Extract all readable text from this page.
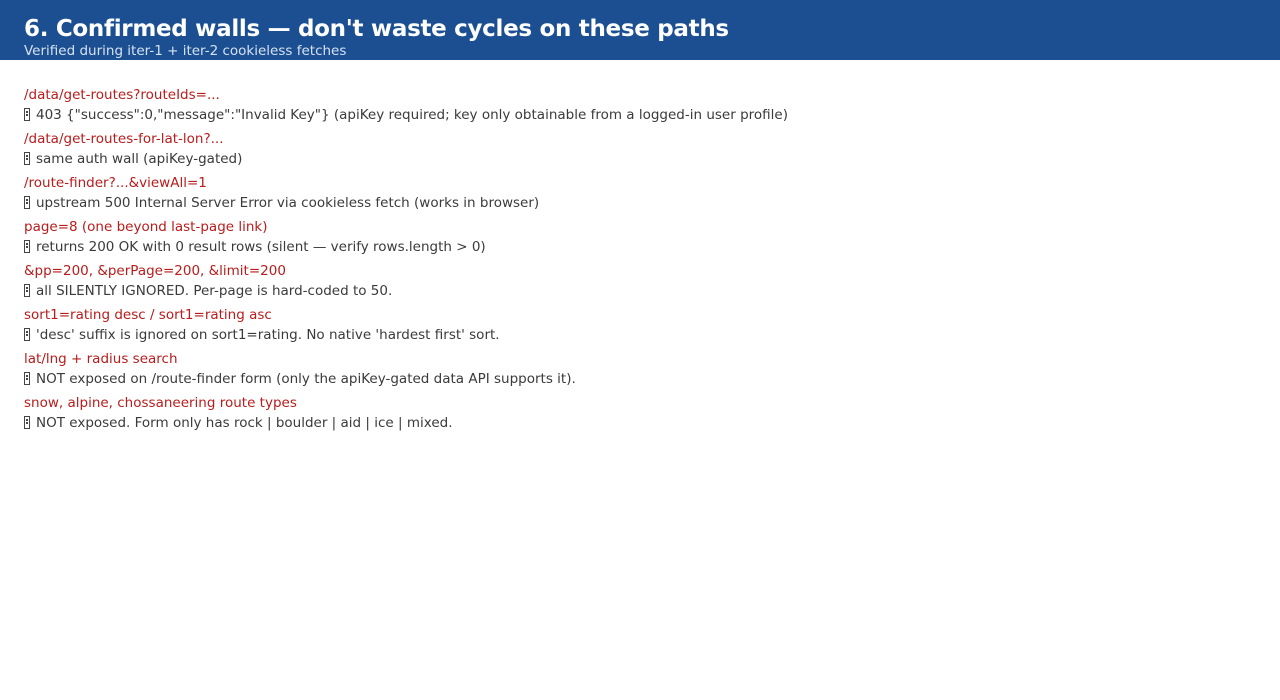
6. Confirmed walls — don't waste cycles on these paths
Verified during iter-1 + iter-2 cookieless fetches
/data/get-routes?routeIds=...
403 {"success":0,"message":"Invalid Key"} (apiKey required; key only obtainable from a logged-in user profile)
/data/get-routes-for-lat-lon?...
same auth wall (apiKey-gated)
/route-finder?...&viewAll=1
upstream 500 Internal Server Error via cookieless fetch (works in browser)
page=8 (one beyond last-page link)
returns 200 OK with 0 result rows (silent — verify rows.length > 0)
&pp=200, &perPage=200, &limit=200
all SILENTLY IGNORED. Per-page is hard-coded to 50.
sort1=rating desc / sort1=rating asc
'desc' suffix is ignored on sort1=rating. No native 'hardest first' sort.
lat/lng + radius search
NOT exposed on /route-finder form (only the apiKey-gated data API supports it).
snow, alpine, chossaneering route types
NOT exposed. Form only has rock | boulder | aid | ice | mixed.
